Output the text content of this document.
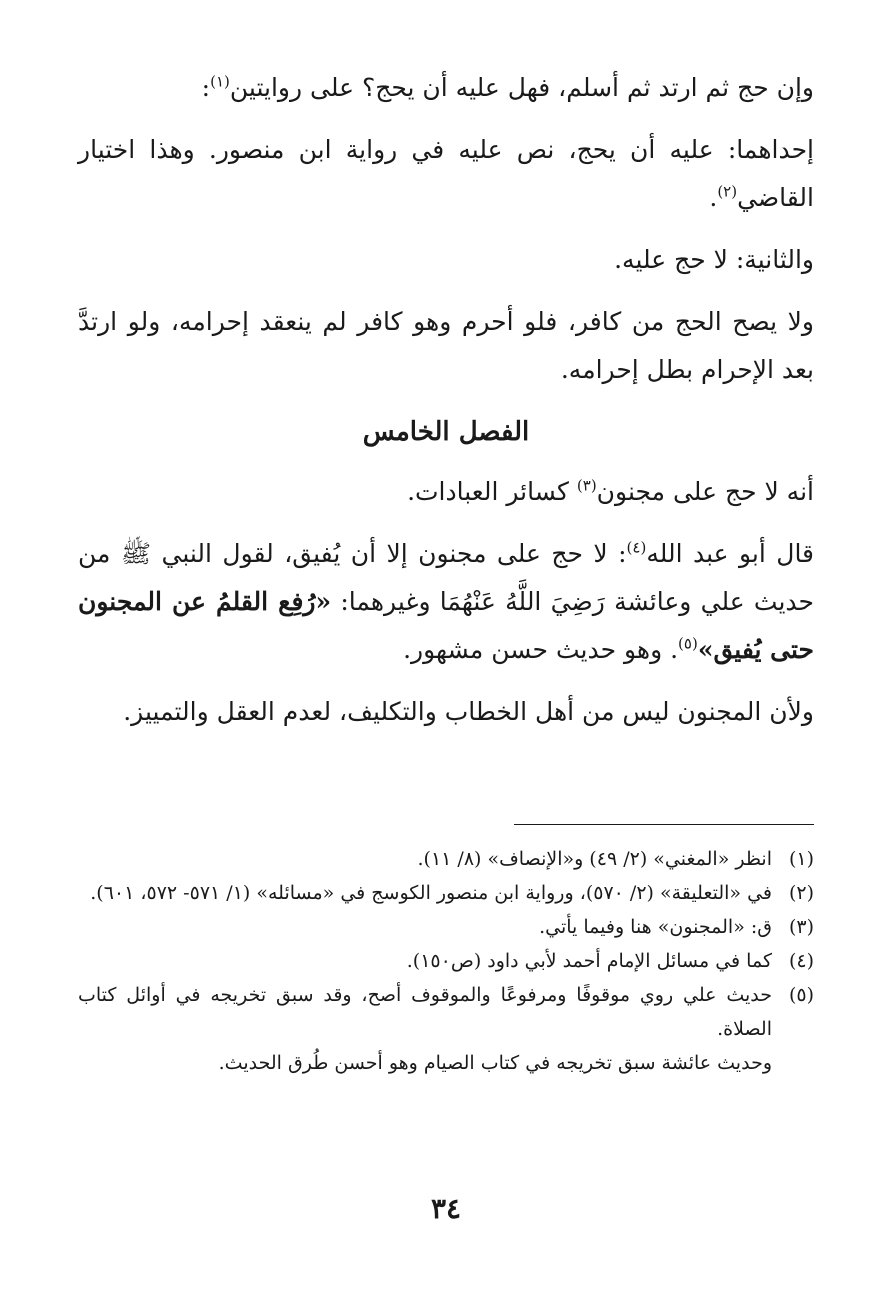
وإن حج ثم ارتد ثم أسلم، فهل عليه أن يحج؟ على روايتين$^{(١)}$:

إحداهما: عليه أن يحج، نص عليه في رواية ابن منصور. وهذا اختيار القاضي$^{(٢)}$.

والثانية: لا حج عليه.

ولا يصح الحج من كافر، فلو أحرم وهو كافر لم ينعقد إحرامه، ولو ارتدَّ بعد الإحرام بطل إحرامه.

الفصل الخامس

أنه لا حج على مجنون$^{(٣)}$ كسائر العبادات.

قال أبو عبد الله$^{(٤)}$: لا حج على مجنون إلا أن يُفيق، لقول النبي ﷺ من حديث علي وعائشة رَضِيَ اللَّهُ عَنْهُمَا وغيرهما: «رُفِع القلمُ عن المجنون حتى يُفيق»$^{(٥)}$. وهو حديث حسن مشهور.

ولأن المجنون ليس من أهل الخطاب والتكليف، لعدم العقل والتمييز.

(١)
انظر «المغني» (٢/ ٤٩) و«الإنصاف» (٨/ ١١).
(٢)
في «التعليقة» (٢/ ٥٧٠)، ورواية ابن منصور الكوسج في «مسائله» (١/ ٥٧١- ٥٧٢، ٦٠١).
(٣)
ق: «المجنون» هنا وفيما يأتي.
(٤)
كما في مسائل الإمام أحمد لأبي داود (ص١٥٠).
(٥)
حديث علي روي موقوفًا ومرفوعًا والموقوف أصح، وقد سبق تخريجه في أوائل كتاب الصلاة.

وحديث عائشة سبق تخريجه في كتاب الصيام وهو أحسن طُرق الحديث.

٣٤
